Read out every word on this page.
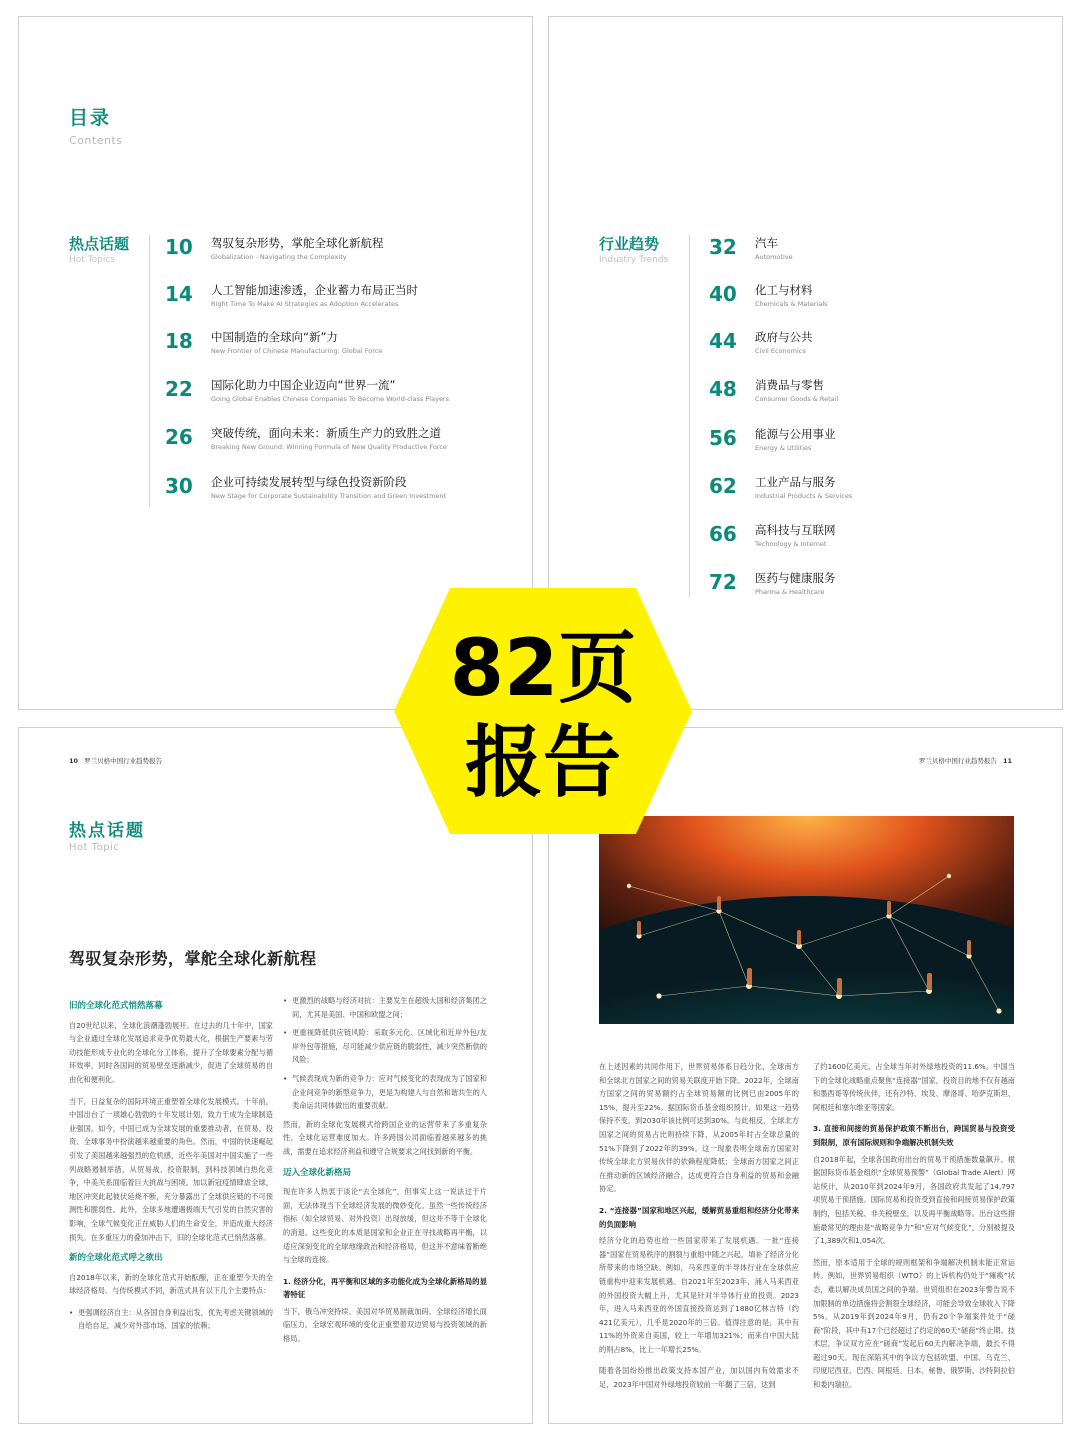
目录
Contents
热点话题
Hot Topics
10 驾驭复杂形势，掌舵全球化新航程
Globalization - Navigating the Complexity
14 人工智能加速渗透，企业蓄力布局正当时
Right Time To Make AI Strategies as Adoption Accelerates
18 中国制造的全球向“新”力
New Frontier of Chinese Manufacturing: Global Force
22 国际化助力中国企业迈向“世界一流”
Going Global Enables Chinese Companies To Become World-class Players
26 突破传统，面向未来：新质生产力的致胜之道
Breaking New Ground: Winning Formula of New Quality Productive Force
30 企业可持续发展转型与绿色投资新阶段
New Stage for Corporate Sustainability Transition and Green Investment
行业趋势
Industry Trends
32 汽车
Automotive
40 化工与材料
Chemicals & Materials
44 政府与公共
Civil Economics
48 消费品与零售
Consumer Goods & Retail
56 能源与公用事业
Energy & Utilities
62 工业产品与服务
Industrial Products & Services
66 高科技与互联网
Technology & Internet
72 医药与健康服务
Pharma & Healthcare
10 罗兰贝格中国行业趋势报告
热点话题
Hot Topic
驾驭复杂形势，掌舵全球化新航程
旧的全球化范式悄然落幕

自20世纪以来，全球化浪潮蓬勃展开。在过去的几十年中，国家与企业通过全球化发展追求竞争优势最大化，根据生产要素与劳动技能形成专业化的全球化分工体系，提升了全球要素分配与循环效率，同时各国间的贸易壁垒逐渐减少，促进了全球贸易的自由化和便利化。

当下，日益复杂的国际环境正重塑着全球化发展模式。十年前，中国出台了一项雄心勃勃的十年发展计划，致力于成为全球制造业强国。如今，中国已成为全球发展的重要推动者，在贸易、投资、全球事务中扮演越来越重要的角色。然而，中国的快速崛起引发了美国越来越强烈的危机感，近些年美国对中国实施了一些列战略遏制举措，从贸易战、投资限制，到科技领域白热化竞争，中美关系面临着巨大挑战与困境。加以新冠疫情肆虐全球，地区冲突此起彼伏延烧不断，充分暴露出了全球供应链的不可预测性和脆弱性。此外，全球多地遭遇极端天气引发的自然灾害的影响，全球气候变化正在威胁人们的生命安全，并造成重大经济损失。在多重压力的叠加冲击下，旧的全球化范式已悄然落幕。

新的全球化范式呼之欲出

自2018年以来，新的全球化范式开始酝酿，正在重塑今天的全球经济格局。与传统模式不同，新范式具有以下几个主要特点：

• 更强调经济自主：从各国自身利益出发，优先考虑关键领域的自给自足，减少对外部市场、国家的依赖；
• 更激烈的战略与经济对抗：主要发生在超级大国和经济集团之间，尤其是美国、中国和欧盟之间；
• 更重视降低供应链风险：采取多元化、区域化和近岸外包/友岸外包等措施，尽可能减少供应链的脆弱性，减少突然断供的风险；
• 气候表现成为新的竞争力：应对气候变化的表现成为了国家和企业间竞争的新型竞争力，更是为构建人与自然和谐共生的人类命运共同体做出的重要贡献。

然而，新的全球化发展模式给跨国企业的运营带来了多重复杂性，全球化运营难度加大。许多跨国公司面临着越来越多的挑战，需要在追求经济利益和遵守合规要求之间找到新的平衡。

迈入全球化新格局

现在许多人热衷于谈论“去全球化”，但事实上这一说法过于片面，无法体现当下全球经济发展的微妙变化。虽然一些传统经济指标（如全球贸易、对外投资）出现放缓，但这并不等于全球化的消退。这些变化的本质是国家和企业正在寻找战略再平衡，以适应深刻变化的全球地缘政治和经济格局，但这并不意味着断绝与全球的连接。

1. 经济分化，再平衡和区域的多功能化成为全球化新格局的显著特征

当下，俄乌冲突持续、美国对华贸易制裁加码、全球经济增长面临压力，全球宏观环境的变化正重塑着双边贸易与投资领域的新格局。

罗兰贝格中国行业趋势报告 11

在上述因素的共同作用下，世界贸易体系日趋分化，全球南方和全球北方国家之间的贸易关联度开始下降。2022年，全球南方国家之间的贸易额约占全球贸易额的比例已由2005年的15%，提升至22%。据国际货币基金组织预计，如果这一趋势保持不变，到2030年该比例可达到30%。与此相反，全球北方国家之间的贸易占比则持续下降，从2005年时占全球总量的51%下降到了2022年的39%。这一现象表明全球南方国家对传统全球北方贸易伙伴的依赖程度降低；全球南方国家之间正在推动新的区域经济融合，达成更符合自身利益的贸易和金融协定。

2. “连接器”国家和地区兴起，缓解贸易重组和经济分化带来的负面影响

经济分化的趋势也给一些国家带来了发展机遇。一批“连接器”国家在贸易秩序的割裂与重组中随之兴起，填补了经济分化所带来的市场空缺。例如，马来西亚的半导体行业在全球供应链重构中迎来发展机遇。自2021年至2023年，涌入马来西亚的外国投资大幅上升，尤其是针对半导体行业的投资。2023年，进入马来西亚的外国直接投资达到了1880亿林吉特（约421亿美元），几乎是2020年的三倍。值得注意的是，其中有11%的外资来自美国，较上一年增加321%；而来自中国大陆的则占8%，比上一年增长25%。

随着各国纷纷推出政策支持本国产业，加以国内有效需求不足，2023年中国对外绿地投资较前一年翻了三倍，达到

了约1600亿美元，占全球当年对外绿地投资的11.6%。中国当下的全球化战略重点聚焦“连接器”国家，投资目的地不仅有越南和墨西哥等传统伙伴，还有沙特、埃及、摩洛哥、哈萨克斯坦、阿根廷和塞尔维亚等国家。

3. 直接和间接的贸易保护政策不断出台，跨国贸易与投资受到限制，原有国际规则和争端解决机制失效

自2018年起，全球各国政府出台的贸易干预措施数量飙升。根据国际货币基金组织“全球贸易预警”（Global Trade Alert）网站统计，从2010年到2024年9月，各国政府共发起了14,797项贸易干预措施。国际贸易和投资受到直接和间接贸易保护政策制约，包括关税、非关税壁垒，以及再平衡战略等。出台这些措施最常见的理由是“战略竞争力”和“应对气候变化”，分别被提及了1,389次和1,054次。

然而，原本适用于全球的规则框架和争端解决机制未能正常运转。例如，世界贸易组织（WTO）的上诉机构仍处于“瘫痪”状态，难以解决成员国之间的争端。世贸组织在2023年警告说不加限制的单边措施将会割裂全球经济，可能会导致全球收入下降5%。从2019年到2024年9月，仍有20个争端案件处于“磋商”阶段，其中有17个已经超过了约定的60天“磋商”终止期。技术层，争议双方应在“磋商”发起后60天内解决争端，最长不得超过90天。现在深陷其中的争议方包括欧盟、中国、乌克兰、印度尼西亚、巴西、阿根廷、日本、秘鲁、俄罗斯、沙特阿拉伯和委内瑞拉。

82页
报告
